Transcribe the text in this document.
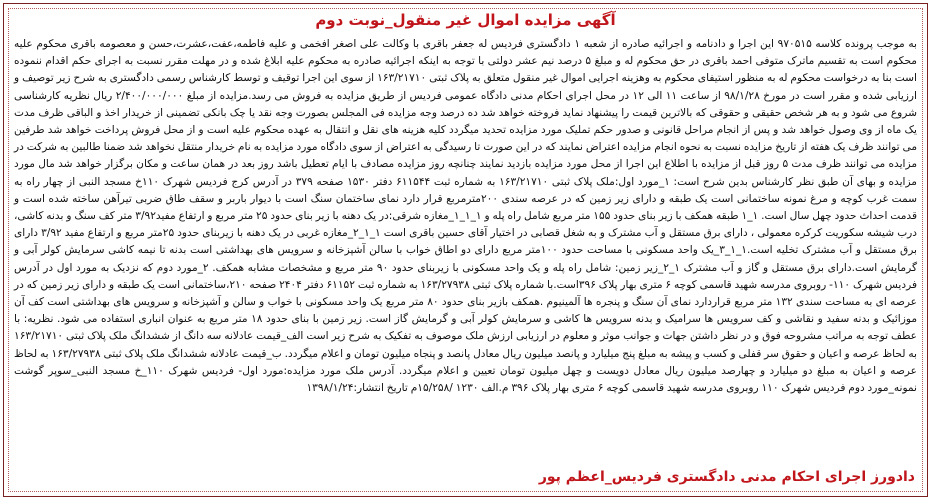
آگهی مزایده اموال غیر منقول_نوبت دوم

به موجب پرونده کلاسه ۹۷۰۵۱۵ این اجرا و دادنامه و اجرائیه صادره از شعبه ۱ دادگستری فردیس له جعفر باقری با وکالت علی اصغر افخمی و علیه فاطمه،عفت،عشرت،حسن و معصومه باقری محکوم علیه محکوم است به تقسیم ماترک متوفی احمد باقری در حق محکوم له و مبلغ ۵ درصد نیم عشر دولتی با توجه به اینکه اجرائیه صادره به محکوم علیه ابلاغ شده و در مهلت مقرر نسبت به اجرای حکم اقدام ننموده است بنا به درخواست محکوم له به منظور استیفای محکوم به وهزینه اجرایی اموال غیر منقول متعلق به پلاک ثبتی ۱۶۳/۲۱۷۱۰ از سوی این اجرا توقیف و توسط کارشناس رسمی دادگستری به شرح زیر توصیف و ارزیابی شده و مقرر است در مورخ ۹۸/۱/۲۸ از ساعت ۱۱ الی ۱۲ در محل اجرای احکام مدنی دادگاه عمومی فردیس از طریق مزایده به فروش می رسد.مزایده از مبلغ ۲/۴۰۰/۰۰۰/۰۰۰ ریال نظریه کارشناسی شروع می شود و به هر شخص حقیقی و حقوقی که بالاترین قیمت را پیشنهاد نماید فروخته خواهد شد ده درصد وجه مزایده فی المجلس بصورت وجه نقد یا چک بانکی تضمینی از خریدار اخذ و الباقی ظرف مدت یک ماه از وی وصول خواهد شد و پس از انجام مراحل قانونی و صدور حکم تملیک مورد مزایده تحدید میگردد کلیه هزینه های نقل و انتقال به عهده محکوم علیه است و از محل فروش پرداخت خواهد شد طرفین می توانند ظرف یک هفته از تاریخ مزایده نسبت به نحوه انجام مزایده اعتراض نمایند که در این صورت تا رسیدگی به اعتراض از سوی دادگاه مورد مزایده به نام خریدار منتقل نخواهد شد ضمنا طالبین به شرکت در مزایده می توانند ظرف مدت ۵ روز قبل از مزایده با اطلاع این اجرا از محل مورد مزایده بازدید نمایند چنانچه روز مزایده مصادف با ایام تعطیل باشد روز بعد در همان ساعت و مکان برگزار خواهد شد مال مورد مزایده و بهای آن طبق نظر کارشناس بدین شرح است: ۱_مورد اول:ملک پلاک ثبتی ۱۶۳/۲۱۷۱۰ به شماره ثبت ۶۱۱۵۴۴ دفتر ۱۵۳۰ صفحه ۳۷۹ در آدرس کرج فردیس شهرک ۱۱۰خ مسجد النبی از چهار راه به سمت غرب کوچه و مرغ نمونه ساختمانی است یک طبقه و دارای زیر زمین که در عرصه سندی ۲۰۰مترمربع قرار دارد نمای ساختمان سنگ است با دیوار باربر و سقف طاق ضربی تیرآهن ساخته شده است و قدمت احداث حدود چهل سال است. ۱_۱ طبقه همکف با زیر بنای حدود ۱۵۵ متر مربع شامل راه پله و ۱_۱_۱_مغازه شرقی:در یک دهنه با زیر بنای حدود ۲۵ متر مربع و ارتفاع مفید۳/۹۲ متر کف سنگ و بدنه کاشی، درب شیشه سکوریت کرکره معمولی ، دارای برق مستقل و آب مشترک و به شغل قصابی در اختیار آقای حسین باقری است ۱_۱_۲_مغازه غربی در یک دهنه با زیربنای حدود ۲۵متر مربع و ارتفاع مفید ۳/۹۲ دارای برق مستقل و آب مشترک تخلیه است.۱_۱_۳_یک واحد مسکونی با مساحت حدود ۱۰۰متر مربع دارای دو اطاق خواب با سالن آشپزخانه و سرویس های بهداشتی است بدنه تا نیمه کاشی سرمایش کولر آبی و گرمایش است.دارای برق مستقل و گاز و آب مشترک ۱_۲_زیر زمین: شامل راه پله و یک واحد مسکونی با زیربنای حدود ۹۰ متر مربع و مشخصات مشابه همکف. ۲_مورد دوم که نزدیک به مورد اول در آدرس فردیس شهرک ۱۱۰- روبروی مدرسه شهید قاسمی کوچه ۶ متری بهار پلاک ۳۹۶است.با شماره پلاک ثبتی ۱۶۳/۲۷۹۳۸ به شماره ثبت ۶۱۱۵۲ دفتر ۲۴۰۴ صفحه ۲۱۰،ساختمانی است یک طبقه و دارای زیر زمین که در عرصه ای به مساحت سندی ۱۳۲ متر مربع قراردارد نمای آن سنگ و پنجره ها آلمینیوم .همکف بازیر بنای حدود ۸۰ متر مربع یک واحد مسکونی با خواب و سالن و آشپزخانه و سرویس های بهداشتی است کف آن موزائیک و بدنه سفید و نقاشی و کف سرویس ها سرامیک و بدنه سرویس ها کاشی و سرمایش کولر آبی و گرمایش گاز است. زیر زمین با بنای حدود ۱۸ متر مربع به عنوان انباری استفاده می شود. نظریه: با عطف توجه به مراتب مشروحه فوق و در نظر داشتن جهات و جوانب موثر و معلوم در ارزیابی ارزش ملک موصوف به تفکیک به شرح زیر است الف_قیمت عادلانه سه دانگ از ششدانگ ملک پلاک ثبتی ۱۶۳/۲۱۷۱۰ به لحاظ عرصه و اعیان و حقوق سر قفلی و کسب و پیشه به مبلغ پنج میلیارد و پانصد میلیون ریال معادل پانصد و پنجاه میلیون تومان و اعلام میگردد. ب_قیمت عادلانه ششدانگ ملک پلاک ثبتی ۱۶۳/۲۷۹۳۸ به لحاظ عرصه و اعیان به مبلغ دو میلیارد و چهارصد میلیون ریال معادل دویست و چهل میلیون تومان تعیین و اعلام میگردد. آدرس ملک مورد مزایده:مورد اول- فردیس شهرک ۱۱۰_خ مسجد النبی_سوپر گوشت نمونه_مورد دوم فردیس شهرک ۱۱۰ روبروی مدرسه شهید قاسمی کوچه ۶ متری بهار پلاک ۳۹۶ م.الف ۱۲۳۰ /۱۵/۲۵۸م تاریخ انتشار:۱۳۹۸/۱/۲۴

دادورز اجرای احکام مدنی دادگستری فردیس_اعظم پور
